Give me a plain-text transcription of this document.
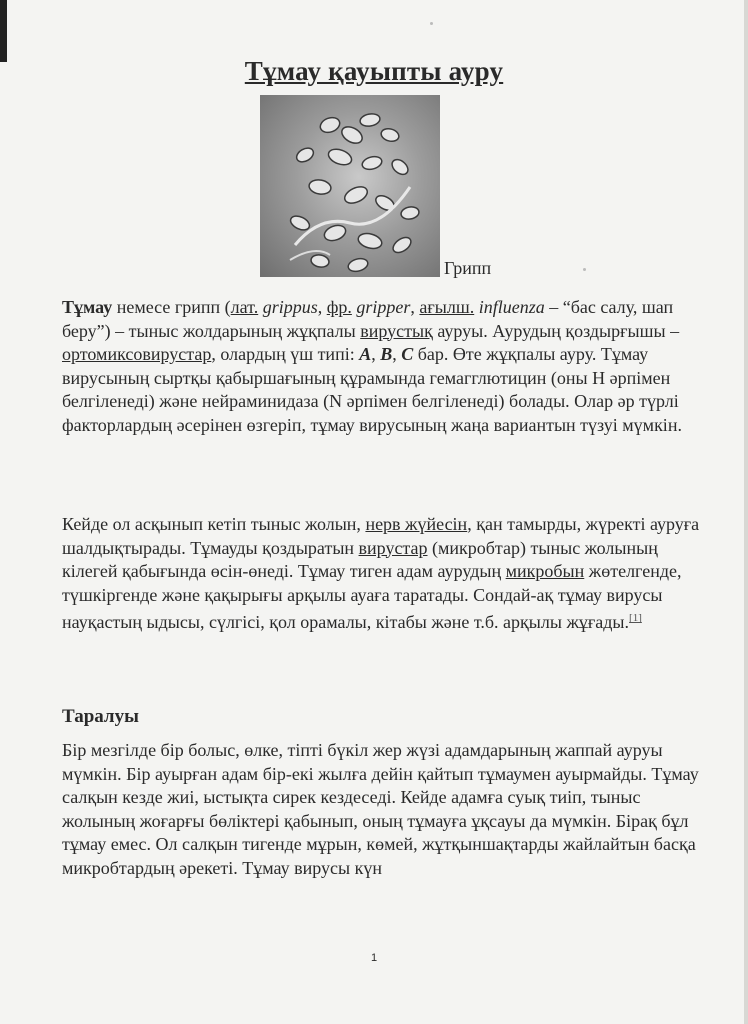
Тұмау қауыпты ауру
Грипп

Тұмау немесе грипп (лат. grippus, фр. gripper, ағылш. influenza – “бас салу, шап беру”) – тыныс жолдарының жұқпалы вирустық ауруы. Аурудың қоздырғышы – ортомиксовирустар, олардың үш типі: A, B, C бар. Өте жұқпалы ауру. Тұмау вирусының сыртқы қабыршағының құрамында гемагглютицин (оны Н әрпімен белгіленеді) және нейраминидаза (N әрпімен белгіленеді) болады. Олар әр түрлі факторлардың әсерінен өзгеріп, тұмау вирусының жаңа вариантын түзуі мүмкін.

Кейде ол асқынып кетіп тыныс жолын, нерв жүйесін, қан тамырды, жүректі ауруға шалдықтырады. Тұмауды қоздыратын вирустар (микробтар) тыныс жолының кілегей қабығында өсін-өнеді. Тұмау тиген адам аурудың микробын жөтелгенде, түшкіргенде және қақырығы арқылы ауаға таратады. Сондай-ақ тұмау вирусы науқастың ыдысы, сүлгісі, қол орамалы, кітабы және т.б. арқылы жұғады.[1]

Таралуы

Бір мезгілде бір болыс, өлке, тіпті бүкіл жер жүзі адамдарының жаппай ауруы мүмкін. Бір ауырған адам бір-екі жылға дейін қайтып тұмаумен ауырмайды. Тұмау салқын кезде жиі, ыстықта сирек кездеседі. Кейде адамға суық тиіп, тыныс жолының жоғарғы бөліктері қабынып, оның тұмауға ұқсауы да мүмкін. Бірақ бұл тұмау емес. Ол салқын тигенде мұрын, көмей, жұтқыншақтарды жайлайтын басқа микробтардың әрекеті. Тұмау вирусы күн

1
